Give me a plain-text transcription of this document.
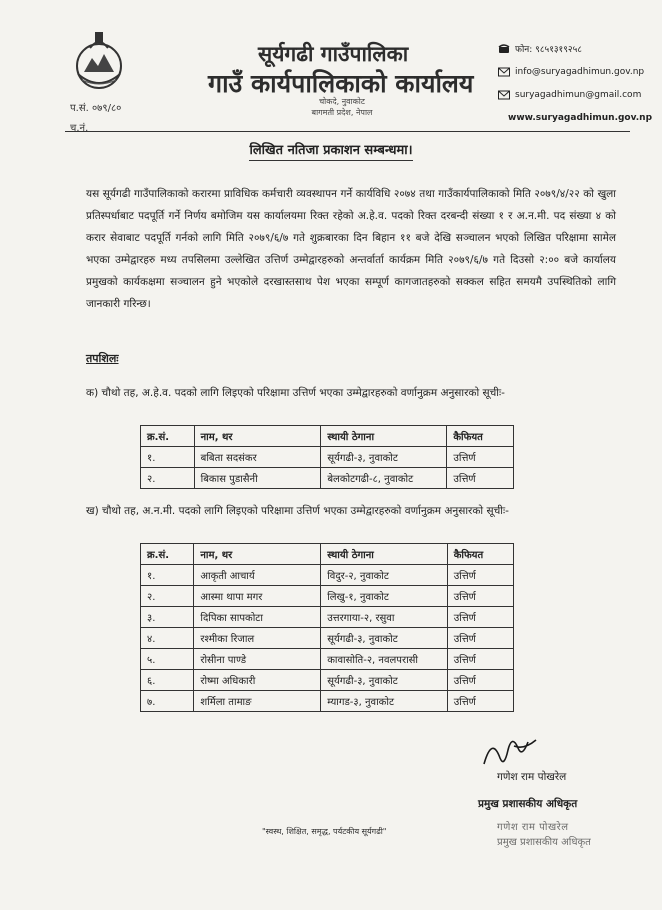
सूर्यगढी गाउँपालिका
गाउँ कार्यपालिकाको कार्यालय
चोकदे, नुवाकोट
बागमती प्रदेश, नेपाल
प.सं. ०७९/८०
च.नं.
फोन: ९८५१३१९२५८
info@suryagadhimun.gov.np
suryagadhimun@gmail.com
www.suryagadhimun.gov.np
लिखित नतिजा प्रकाशन सम्बन्धमा।
यस सूर्यगढी गाउँपालिकाको करारमा प्राविधिक कर्मचारी व्यवस्थापन गर्ने कार्यविधि २०७४ तथा गाउँकार्यपालिकाको मिति २०७९/४/२२ को खुला प्रतिस्पर्धाबाट पदपूर्ति गर्ने निर्णय बमोजिम यस कार्यालयमा रिक्त रहेको अ.हे.व. पदको रिक्त दरबन्दी संख्या १ र अ.न.मी. पद संख्या ४ को करार सेवाबाट पदपूर्ति गर्नको लागि मिति २०७९/६/७ गते शुक्रबारका दिन बिहान ११ बजे देखि सञ्चालन भएको लिखित परिक्षामा सामेल भएका उम्मेद्वारहरु मध्य तपसिलमा उल्लेखित उत्तिर्ण उम्मेद्वारहरुको अन्तर्वार्ता कार्यक्रम मिति २०७९/६/७ गते दिउसो २:०० बजे कार्यालय प्रमुखको कार्यकक्षमा सञ्चालन हुने भएकोले दरखास्तसाथ पेश भएका सम्पूर्ण कागजातहरुको सक्कल सहित समयमै उपस्थितिको लागि जानकारी गरिन्छ।
तपशिलः
क) चौथो तह, अ.हे.व. पदको लागि लिइएको परिक्षामा उत्तिर्ण भएका उम्मेद्वारहरुको वर्णानुक्रम अनुसारको सूचीः-
क्र.सं.	नाम, थर	स्थायी ठेगाना	कैफियत
१.	बबिता सदसंकर	सूर्यगढी-३, नुवाकोट	उत्तिर्ण
२.	बिकास पुडासैनी	बेलकोटगढी-८, नुवाकोट	उत्तिर्ण
ख) चौथो तह, अ.न.मी. पदको लागि लिइएको परिक्षामा उत्तिर्ण भएका उम्मेद्वारहरुको वर्णानुक्रम अनुसारको सूचीः-
क्र.सं.	नाम, थर	स्थायी ठेगाना	कैफियत
१.	आकृती आचार्य	विदुर-२, नुवाकोट	उत्तिर्ण
२.	आस्मा थापा मगर	लिखु-१, नुवाकोट	उत्तिर्ण
३.	दिपिका सापकोटा	उत्तरगाया-२, रसुवा	उत्तिर्ण
४.	रश्मीका रिजाल	सूर्यगढी-३, नुवाकोट	उत्तिर्ण
५.	रोसीना पाण्डे	कावासोति-२, नवलपरासी	उत्तिर्ण
६.	रोष्मा अधिकारी	सूर्यगढी-३, नुवाकोट	उत्तिर्ण
७.	शर्मिला तामाङ	म्यागड-३, नुवाकोट	उत्तिर्ण
गणेश राम पोखरेल
प्रमुख प्रशासकीय अधिकृत
"स्वस्थ, शिक्षित, समृद्ध, पर्यटकीय सूर्यगढी"	गणेश राम पोखरेल
प्रमुख प्रशासकीय अधिकृत
